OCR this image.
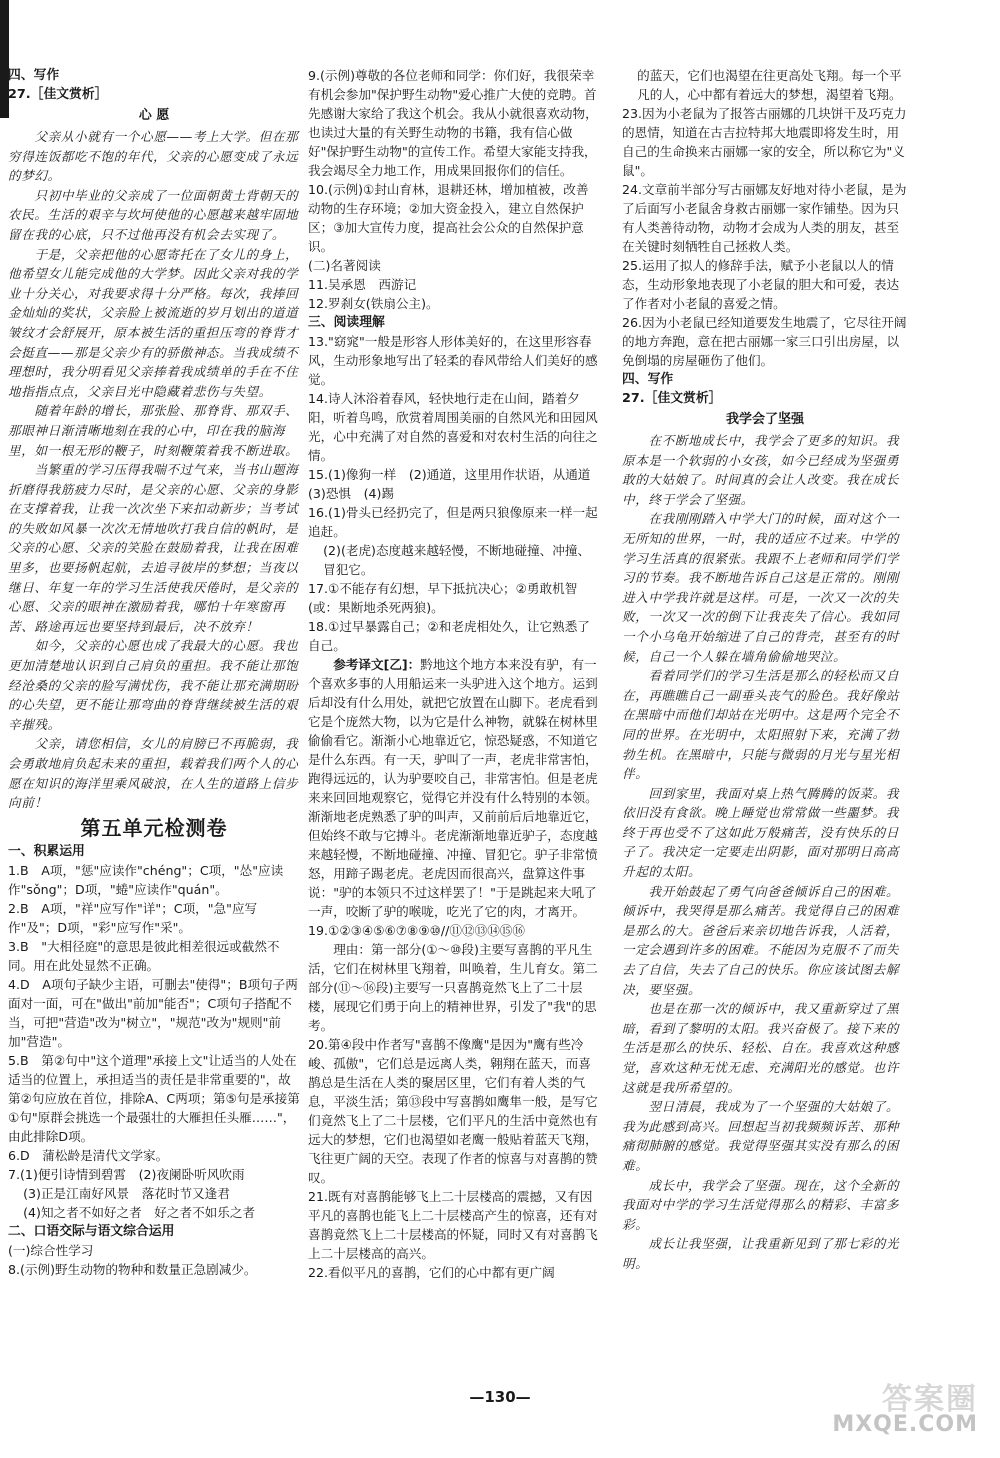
四、写作
27.［佳文赏析］
心 愿

父亲从小就有一个心愿——考上大学。但在那穷得连饭都吃不饱的年代，父亲的心愿变成了永远的梦幻。

只初中毕业的父亲成了一位面朝黄土背朝天的农民。生活的艰辛与坎坷使他的心愿越来越牢固地留在我的心底，只不过他再没有机会去实现了。

于是，父亲把他的心愿寄托在了女儿的身上，他希望女儿能完成他的大学梦。因此父亲对我的学业十分关心，对我要求得十分严格。每次，我捧回金灿灿的奖状，父亲脸上被流逝的岁月划出的道道皱纹才会舒展开，原本被生活的重担压弯的脊背才会挺直——那是父亲少有的骄傲神态。当我成绩不理想时，我分明看见父亲捧着我成绩单的手在不住地指指点点，父亲目光中隐藏着悲伤与失望。

随着年龄的增长，那张脸、那脊背、那双手、那眼神日渐清晰地刻在我的心中，印在我的脑海里，如一根无形的鞭子，时刻鞭策着我不断进取。

当繁重的学习压得我喘不过气来，当书山题海折磨得我筋疲力尽时，是父亲的心愿、父亲的身影在支撑着我，让我一次次坐下来扣动新步；当考试的失败如风暴一次次无情地吹打我自信的帆时，是父亲的心愿、父亲的笑脸在鼓励着我，让我在困难里多，也要扬帆起航，去追寻彼岸的梦想；当夜以继日、年复一年的学习生活使我厌倦时，是父亲的心愿、父亲的眼神在激励着我，哪怕十年寒窗再苦、路途再远也要坚持到最后，决不放弃！

如今，父亲的心愿也成了我最大的心愿。我也更加清楚地认识到自己肩负的重担。我不能让那饱经沧桑的父亲的脸写满忧伤，我不能让那充满期盼的心失望，更不能让那弯曲的脊背继续被生活的艰辛摧残。

父亲，请您相信，女儿的肩膀已不再脆弱，我会勇敢地肩负起未来的重担，载着我们两个人的心愿在知识的海洋里乘风破浪，在人生的道路上信步向前！

第五单元检测卷
一、积累运用

1.B　A项，"惩"应读作"chéng"；C项，"怂"应读作"sǒng"；D项，"蜷"应读作"quán"。

2.B　A项，"祥"应写作"详"；C项，"急"应写作"及"；D项，"彩"应写作"采"。

3.B　"大相径庭"的意思是彼此相差很远或截然不同。用在此处显然不正确。

4.D　A项句子缺少主语，可删去"使得"；B项句子两面对一面，可在"做出"前加"能否"；C项句子搭配不当，可把"营造"改为"树立"，"规范"改为"规则"前加"营造"。

5.B　第②句中"这个道理"承接上文"让适当的人处在适当的位置上，承担适当的责任是非常重要的"，故第②句应放在首位，排除A、C两项；第⑤句是承接第①句"原群会挑选一个最强壮的大雁担任头雁……"，由此排除D项。

6.D　蒲松龄是清代文学家。

7.(1)便引诗情到碧霄　(2)夜阑卧听风吹雨

(3)正是江南好风景　落花时节又逢君

(4)知之者不如好之者　好之者不如乐之者

二、口语交际与语文综合运用

(一)综合性学习

8.(示例)野生动物的物种和数量正急剧减少。

9.(示例)尊敬的各位老师和同学：你们好，我很荣幸有机会参加"保护野生动物"爱心推广大使的竞聘。首先感谢大家给了我这个机会。我从小就很喜欢动物，也读过大量的有关野生动物的书籍，我有信心做好"保护野生动物"的宣传工作。希望大家能支持我，我会竭尽全力地工作，用成果回报你们的信任。

10.(示例)①封山育林，退耕还林，增加植被，改善动物的生存环境；②加大资金投入，建立自然保护区；③加大宣传力度，提高社会公众的自然保护意识。

(二)名著阅读

11.吴承恩　西游记

12.罗刹女(铁扇公主)。

三、阅读理解

13."窈窕"一般是形容人形体美好的，在这里形容春风，生动形象地写出了轻柔的春风带给人们美好的感觉。

14.诗人沐浴着春风，轻快地行走在山间，踏着夕阳，听着鸟鸣，欣赏着周围美丽的自然风光和田园风光，心中充满了对自然的喜爱和对农村生活的向往之情。

15.(1)像狗一样　(2)通道，这里用作状语，从通道　(3)恐惧　(4)踢

16.(1)骨头已经扔完了，但是两只狼像原来一样一起追赶。

(2)(老虎)态度越来越轻慢，不断地碰撞、冲撞、冒犯它。

17.①不能存有幻想，早下抵抗决心；②勇敢机智(或：果断地杀死两狼)。

18.①过早暴露自己；②和老虎相处久，让它熟悉了自己。

参考译文[乙]：黔地这个地方本来没有驴，有一个喜欢多事的人用船运来一头驴进入这个地方。运到后却没有什么用处，就把它放置在山脚下。老虎看到它是个庞然大物，以为它是什么神物，就躲在树林里偷偷看它。渐渐小心地靠近它，惊恐疑惑，不知道它是什么东西。有一天，驴叫了一声，老虎非常害怕，跑得远远的，认为驴要咬自己，非常害怕。但是老虎来来回回地观察它，觉得它并没有什么特别的本领。渐渐地老虎熟悉了驴的叫声，又前前后后地靠近它，但始终不敢与它搏斗。老虎渐渐地靠近驴子，态度越来越轻慢，不断地碰撞、冲撞、冒犯它。驴子非常愤怒，用蹄子踢老虎。老虎因而很高兴，盘算这件事说："驴的本领只不过这样罢了！"于是跳起来大吼了一声，咬断了驴的喉咙，吃光了它的肉，才离开。

19.①②③④⑤⑥⑦⑧⑨⑩//⑪⑫⑬⑭⑮⑯

理由：第一部分(①～⑩段)主要写喜鹊的平凡生活，它们在树林里飞翔着，叫唤着，生儿育女。第二部分(⑪～⑯段)主要写一只喜鹊竟然飞上了二十层楼，展现它们勇于向上的精神世界，引发了"我"的思考。

20.第④段中作者写"喜鹊不像鹰"是因为"鹰有些冷峻、孤傲"，它们总是远离人类，翱翔在蓝天，而喜鹊总是生活在人类的聚居区里，它们有着人类的气息，平淡生活；第⑬段中写喜鹊如鹰隼一般，是写它们竟然飞上了二十层楼，它们平凡的生活中竟然也有远大的梦想，它们也渴望如老鹰一般贴着蓝天飞翔，飞往更广阔的天空。表现了作者的惊喜与对喜鹊的赞叹。

21.既有对喜鹊能够飞上二十层楼高的震撼，又有因平凡的喜鹊也能飞上二十层楼高产生的惊喜，还有对喜鹊竟然飞上二十层楼高的怀疑，同时又有对喜鹊飞上二十层楼高的高兴。

22.看似平凡的喜鹊，它们的心中都有更广阔

的蓝天，它们也渴望在往更高处飞翔。每一个平凡的人，心中都有着远大的梦想，渴望着飞翔。

23.因为小老鼠为了报答古丽娜的几块饼干及巧克力的恩情，知道在古吉拉特邦大地震即将发生时，用自己的生命换来古丽娜一家的安全，所以称它为"义鼠"。

24.文章前半部分写古丽娜友好地对待小老鼠，是为了后面写小老鼠舍身救古丽娜一家作铺垫。因为只有人类善待动物，动物才会成为人类的朋友，甚至在关键时刻牺牲自己拯救人类。

25.运用了拟人的修辞手法，赋予小老鼠以人的情态，生动形象地表现了小老鼠的胆大和可爱，表达了作者对小老鼠的喜爱之情。

26.因为小老鼠已经知道要发生地震了，它尽往开阔的地方奔跑，意在把古丽娜一家三口引出房屋，以免倒塌的房屋砸伤了他们。

四、写作
27.［佳文赏析］
我学会了坚强

在不断地成长中，我学会了更多的知识。我原本是一个软弱的小女孩，如今已经成为坚强勇敢的大姑娘了。时间真的会让人改变。我在成长中，终于学会了坚强。

在我刚刚踏入中学大门的时候，面对这个一无所知的世界，一时，我的适应不过来。中学的学习生活真的很紧张。我跟不上老师和同学们学习的节奏。我不断地告诉自己这是正常的。刚刚进入中学我许就是这样。可是，一次又一次的失败，一次又一次的倒下让我丧失了信心。我如同一个小乌龟开始缩进了自己的背壳，甚至有的时候，自己一个人躲在墙角偷偷地哭泣。

看着同学们的学习生活是那么的轻松而又自在，再瞧瞧自己一副垂头丧气的脸色。我好像站在黑暗中而他们却站在光明中。这是两个完全不同的世界。在光明中，太阳照射下来，充满了勃勃生机。在黑暗中，只能与微弱的月光与星光相伴。

回到家里，我面对桌上热气腾腾的饭菜。我依旧没有食欲。晚上睡觉也常常做一些噩梦。我终于再也受不了这如此万般痛苦，没有快乐的日子了。我决定一定要走出阴影，面对那明日高高升起的太阳。

我开始鼓起了勇气向爸爸倾诉自己的困难。倾诉中，我哭得是那么痛苦。我觉得自己的困难是那么的大。爸爸后来亲切地告诉我，人活着，一定会遇到许多的困难。不能因为克服不了而失去了自信，失去了自己的快乐。你应该试图去解决，要坚强。

也是在那一次的倾诉中，我又重新穿过了黑暗，看到了黎明的太阳。我兴奋极了。接下来的生活是那么的快乐、轻松、自在。我喜欢这种感觉，喜欢这种无忧无虑、充满阳光的感觉。也许这就是我所希望的。

翌日清晨，我成为了一个坚强的大姑娘了。我为此感到高兴。回想起当初我频频诉苦、那种痛彻肺腑的感觉。我觉得坚强其实没有那么的困难。

成长中，我学会了坚强。现在，这个全新的我面对中学的学习生活觉得那么的精彩、丰富多彩。

成长让我坚强，让我重新见到了那七彩的光明。

—130—	答案圈
MXQE.COM
